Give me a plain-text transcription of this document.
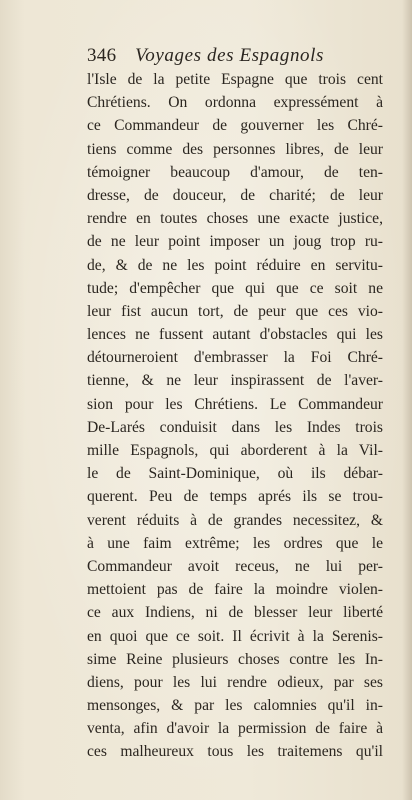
346 Voyages des Espagnols
l'Isle de la petite Espagne que trois cent
Chrétiens. On ordonna expressément à
ce Commandeur de gouverner les Chré-
tiens comme des personnes libres, de leur
témoigner beaucoup d'amour, de ten-
dresse, de douceur, de charité; de leur
rendre en toutes choses une exacte justice,
de ne leur point imposer un joug trop ru-
de, & de ne les point réduire en servitu-
tude; d'empêcher que qui que ce soit ne
leur fist aucun tort, de peur que ces vio-
lences ne fussent autant d'obstacles qui les
détourneroient d'embrasser la Foi Chré-
tienne, & ne leur inspirassent de l'aver-
sion pour les Chrétiens. Le Commandeur
De-Larés conduisit dans les Indes trois
mille Espagnols, qui aborderent à la Vil-
le de Saint-Dominique, où ils débar-
querent. Peu de temps aprés ils se trou-
verent réduits à de grandes necessitez, &
à une faim extrême; les ordres que le
Commandeur avoit receus, ne lui per-
mettoient pas de faire la moindre violen-
ce aux Indiens, ni de blesser leur liberté
en quoi que ce soit. Il écrivit à la Serenis-
sime Reine plusieurs choses contre les In-
diens, pour les lui rendre odieux, par ses
mensonges, & par les calomnies qu'il in-
venta, afin d'avoir la permission de faire à
ces malheureux tous les traitemens qu'il
